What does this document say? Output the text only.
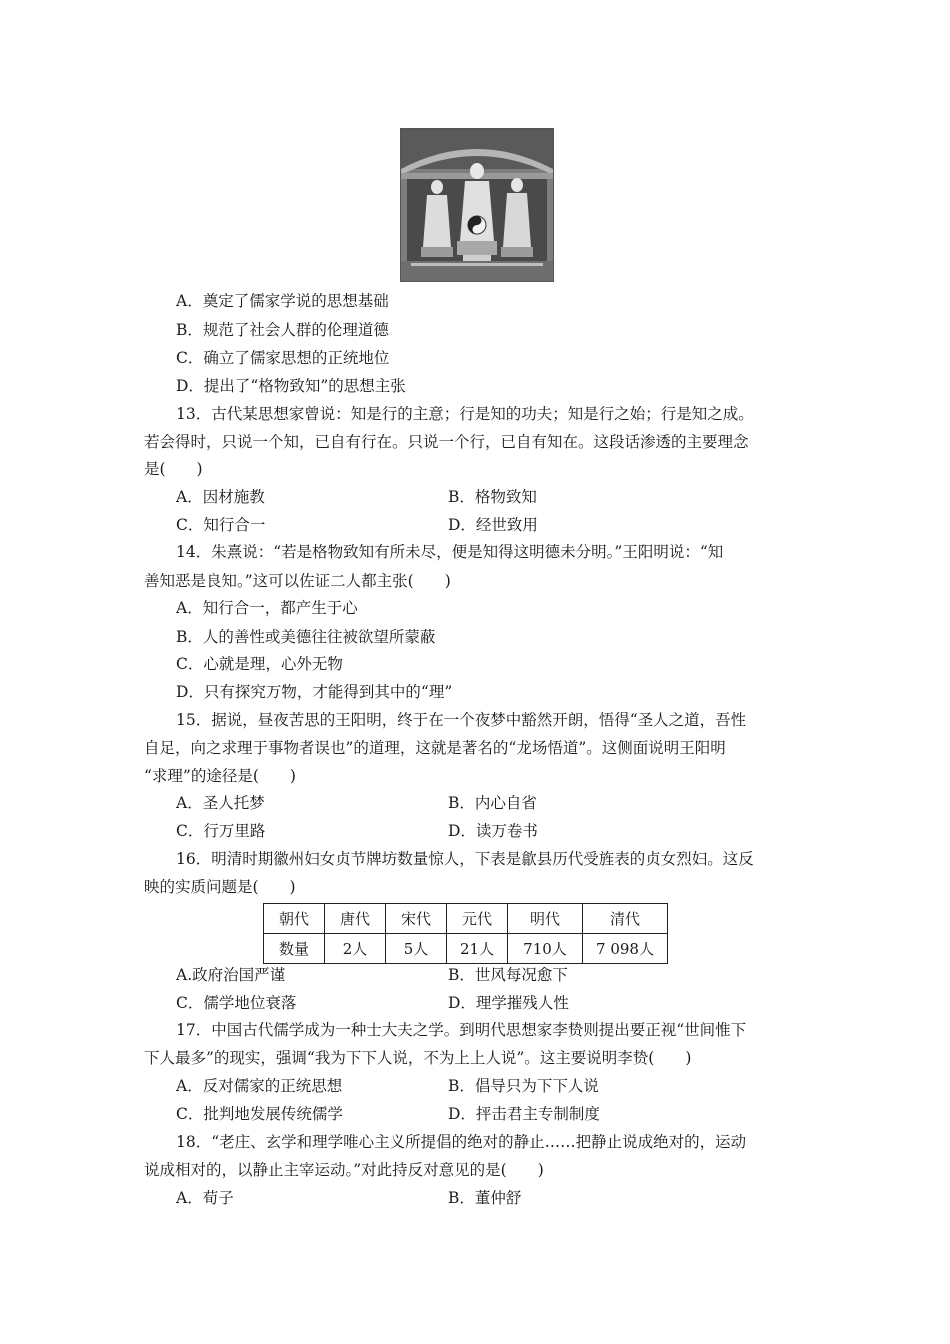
A．奠定了儒家学说的思想基础
B．规范了社会人群的伦理道德
C．确立了儒家思想的正统地位
D．提出了“格物致知”的思想主张
13．古代某思想家曾说：知是行的主意；行是知的功夫；知是行之始；行是知之成。
若会得时，只说一个知，已自有行在。只说一个行，已自有知在。这段话渗透的主要理念
是(　　)
A．因材施教	B．格物致知
C．知行合一	D．经世致用
14．朱熹说：“若是格物致知有所未尽，便是知得这明德未分明。”王阳明说：“知
善知恶是良知。”这可以佐证二人都主张(　　)
A．知行合一，都产生于心
B．人的善性或美德往往被欲望所蒙蔽
C．心就是理，心外无物
D．只有探究万物，才能得到其中的“理”
15．据说，昼夜苦思的王阳明，终于在一个夜梦中豁然开朗，悟得“圣人之道，吾性
自足，向之求理于事物者误也”的道理，这就是著名的“龙场悟道”。这侧面说明王阳明
“求理”的途径是(　　)
A．圣人托梦	B．内心自省
C．行万里路	D．读万卷书
16．明清时期徽州妇女贞节牌坊数量惊人，下表是歙县历代受旌表的贞女烈妇。这反
映的实质问题是(　　)
朝代	唐代	宋代	元代	明代	清代
数量	2人	5人	21人	710人	7 098人
A.政府治国严谨	B．世风每况愈下
C．儒学地位衰落	D．理学摧残人性
17．中国古代儒学成为一种士大夫之学。到明代思想家李贽则提出要正视“世间惟下
下人最多”的现实，强调“我为下下人说，不为上上人说”。这主要说明李贽(　　)
A．反对儒家的正统思想	B．倡导只为下下人说
C．批判地发展传统儒学	D．抨击君主专制制度
18．“老庄、玄学和理学唯心主义所提倡的绝对的静止……把静止说成绝对的，运动
说成相对的，以静止主宰运动。”对此持反对意见的是(　　)
A．荀子	B．董仲舒
